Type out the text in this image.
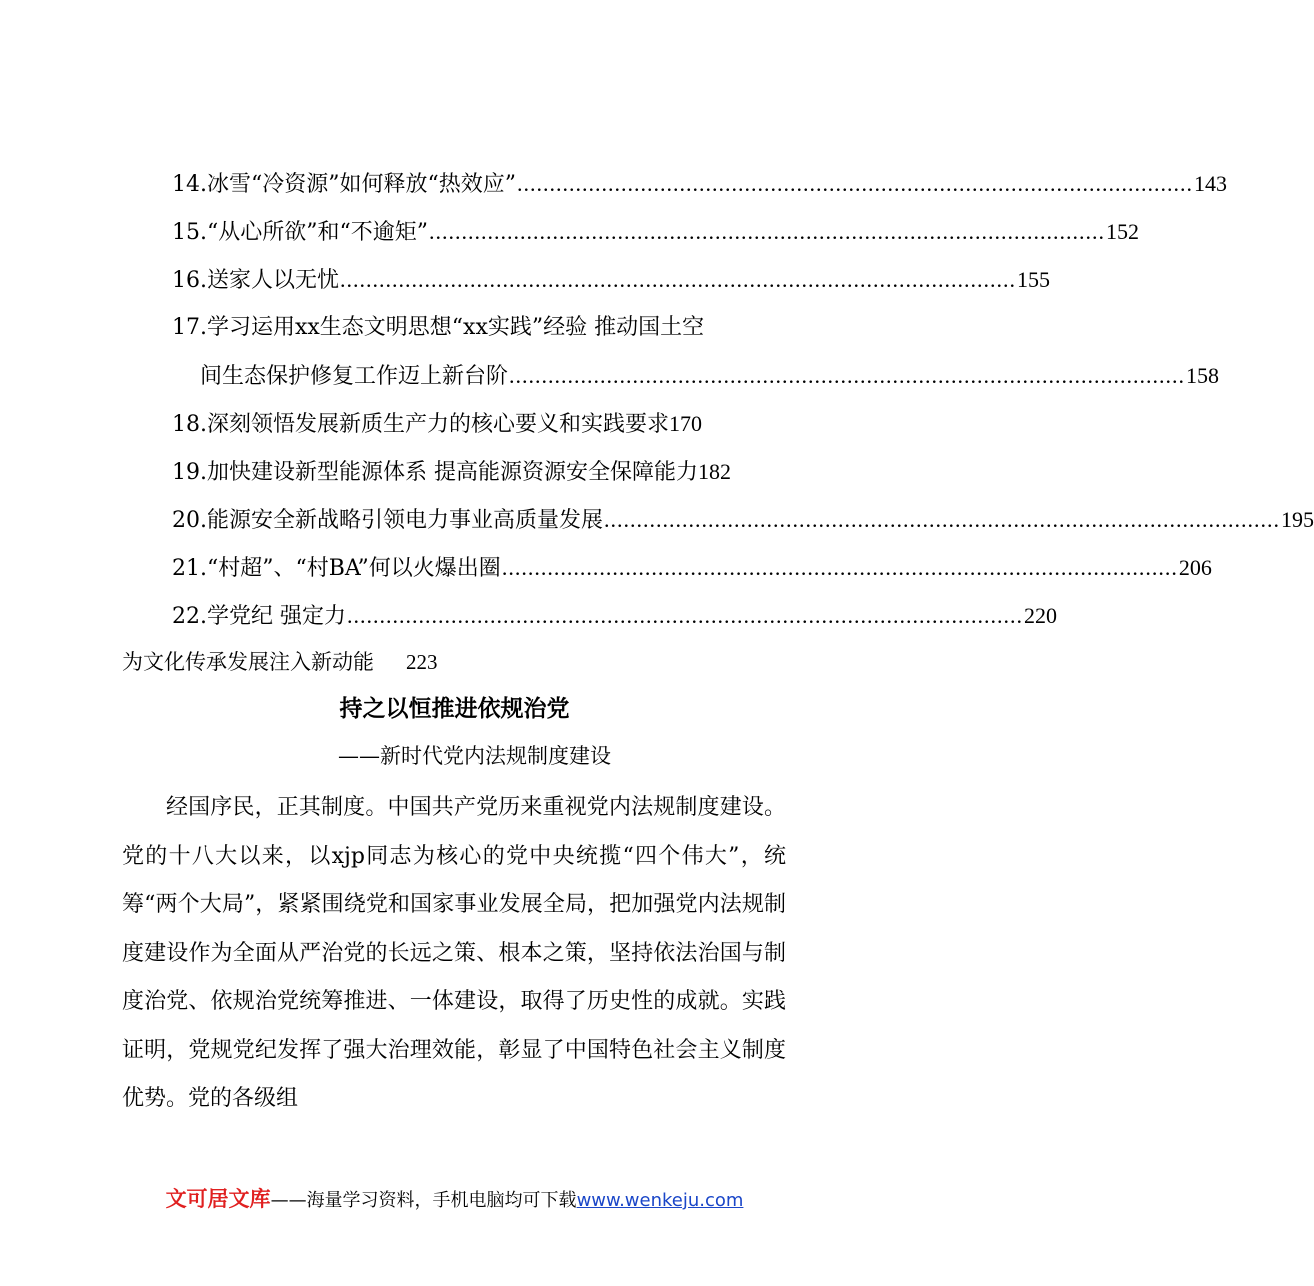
14.冰雪“冷资源”如何释放“热效应” ........................................................................................................ 143
15.“从心所欲”和“不逾矩” ........................................................................................................ 152
16.送家人以无忧 ........................................................................................................ 155
17.学习运用xx生态文明思想“xx实践”经验 推动国土空
间生态保护修复工作迈上新台阶 ........................................................................................................ 158
18.深刻领悟发展新质生产力的核心要义和实践要求 170
19.加快建设新型能源体系 提高能源资源安全保障能力 182
20.能源安全新战略引领电力事业高质量发展 ........................................................................................................ 195
21.“村超”、“村BA”何以火爆出圈 ........................................................................................................ 206
22.学党纪 强定力 ........................................................................................................ 220
为文化传承发展注入新动能 223
持之以恒推进依规治党
——新时代党内法规制度建设
经国序民，正其制度。中国共产党历来重视党内法规制度建设。党的十八大以来，以xjp同志为核心的党中央统揽“四个伟大”，统筹“两个大局”，紧紧围绕党和国家事业发展全局，把加强党内法规制度建设作为全面从严治党的长远之策、根本之策，坚持依法治国与制度治党、依规治党统筹推进、一体建设，取得了历史性的成就。实践证明，党规党纪发挥了强大治理效能，彰显了中国特色社会主义制度优势。党的各级组
文可居文库——海量学习资料，手机电脑均可下载www.wenkeju.com
